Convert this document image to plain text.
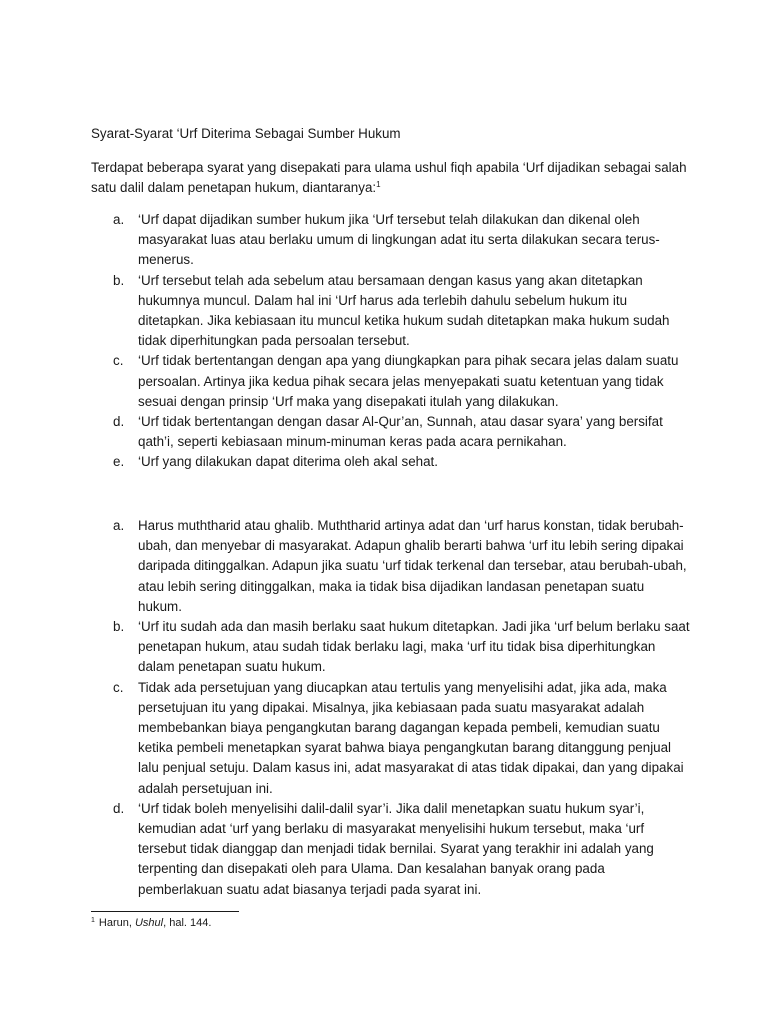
Syarat-Syarat ‘Urf Diterima Sebagai Sumber Hukum
Terdapat beberapa syarat yang disepakati para ulama ushul fiqh apabila ‘Urf dijadikan sebagai salah satu dalil dalam penetapan hukum, diantaranya:$^1$
a. ‘Urf dapat dijadikan sumber hukum jika ‘Urf tersebut telah dilakukan dan dikenal oleh masyarakat luas atau berlaku umum di lingkungan adat itu serta dilakukan secara terus-menerus.
b. ‘Urf tersebut telah ada sebelum atau bersamaan dengan kasus yang akan ditetapkan hukumnya muncul. Dalam hal ini ‘Urf harus ada terlebih dahulu sebelum hukum itu ditetapkan. Jika kebiasaan itu muncul ketika hukum sudah ditetapkan maka hukum sudah tidak diperhitungkan pada persoalan tersebut.
c. ‘Urf tidak bertentangan dengan apa yang diungkapkan para pihak secara jelas dalam suatu persoalan. Artinya jika kedua pihak secara jelas menyepakati suatu ketentuan yang tidak sesuai dengan prinsip ‘Urf maka yang disepakati itulah yang dilakukan.
d. ‘Urf tidak bertentangan dengan dasar Al-Qur’an, Sunnah, atau dasar syara’ yang bersifat qath’i, seperti kebiasaan minum-minuman keras pada acara pernikahan.
e. ‘Urf yang dilakukan dapat diterima oleh akal sehat.
a. Harus muththarid atau ghalib. Muththarid artinya adat dan ‘urf harus konstan, tidak berubah-ubah, dan menyebar di masyarakat. Adapun ghalib berarti bahwa ‘urf itu lebih sering dipakai daripada ditinggalkan. Adapun jika suatu ‘urf tidak terkenal dan tersebar, atau berubah-ubah, atau lebih sering ditinggalkan, maka ia tidak bisa dijadikan landasan penetapan suatu hukum.
b. ‘Urf itu sudah ada dan masih berlaku saat hukum ditetapkan. Jadi jika ‘urf belum berlaku saat penetapan hukum, atau sudah tidak berlaku lagi, maka ‘urf itu tidak bisa diperhitungkan dalam penetapan suatu hukum.
c. Tidak ada persetujuan yang diucapkan atau tertulis yang menyelisihi adat, jika ada, maka persetujuan itu yang dipakai. Misalnya, jika kebiasaan pada suatu masyarakat adalah membebankan biaya pengangkutan barang dagangan kepada pembeli, kemudian suatu ketika pembeli menetapkan syarat bahwa biaya pengangkutan barang ditanggung penjual lalu penjual setuju. Dalam kasus ini, adat masyarakat di atas tidak dipakai, dan yang dipakai adalah persetujuan ini.
d. ‘Urf tidak boleh menyelisihi dalil-dalil syar’i. Jika dalil menetapkan suatu hukum syar’i, kemudian adat ‘urf yang berlaku di masyarakat menyelisihi hukum tersebut, maka ‘urf tersebut tidak dianggap dan menjadi tidak bernilai. Syarat yang terakhir ini adalah yang terpenting dan disepakati oleh para Ulama. Dan kesalahan banyak orang pada pemberlakuan suatu adat biasanya terjadi pada syarat ini.
$^1$ Harun, Ushul, hal. 144.
